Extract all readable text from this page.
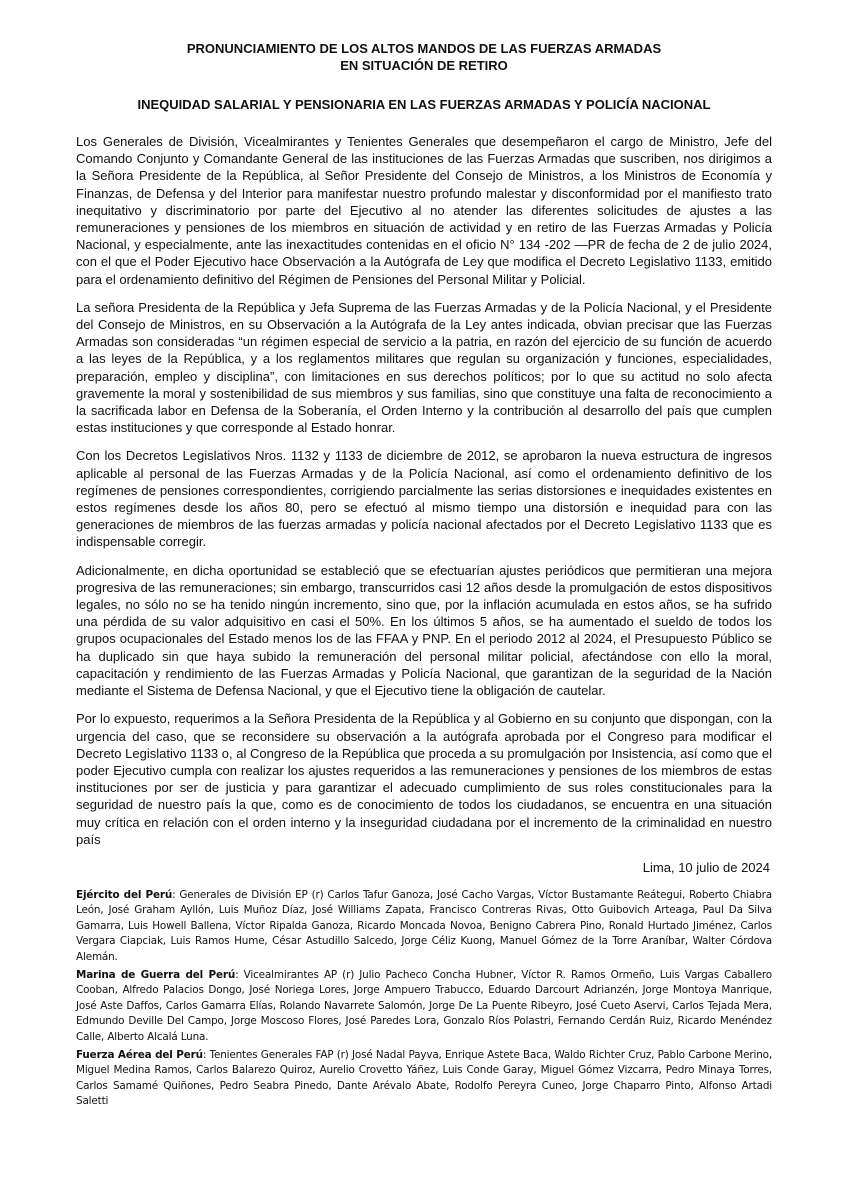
PRONUNCIAMIENTO DE LOS ALTOS MANDOS DE LAS FUERZAS ARMADAS
EN SITUACIÓN DE RETIRO

INEQUIDAD SALARIAL Y PENSIONARIA EN LAS FUERZAS ARMADAS Y POLICÍA NACIONAL

Los Generales de División, Vicealmirantes y Tenientes Generales que desempeñaron el cargo de Ministro, Jefe del Comando Conjunto y Comandante General de las instituciones de las Fuerzas Armadas que suscriben, nos dirigimos a la Señora Presidente de la República, al Señor Presidente del Consejo de Ministros, a los Ministros de Economía y Finanzas, de Defensa y del Interior para manifestar nuestro profundo malestar y disconformidad por el manifiesto trato inequitativo y discriminatorio por parte del Ejecutivo al no atender las diferentes solicitudes de ajustes a las remuneraciones y pensiones de los miembros en situación de actividad y en retiro de las Fuerzas Armadas y Policía Nacional, y especialmente, ante las inexactitudes contenidas en el oficio N° 134 -202 —PR de fecha de 2 de julio 2024, con el que el Poder Ejecutivo hace Observación a la Autógrafa de Ley que modifica el Decreto Legislativo 1133, emitido para el ordenamiento definitivo del Régimen de Pensiones del Personal Militar y Policial.

La señora Presidenta de la República y Jefa Suprema de las Fuerzas Armadas y de la Policía Nacional, y el Presidente del Consejo de Ministros, en su Observación a la Autógrafa de la Ley antes indicada, obvian precisar que las Fuerzas Armadas son consideradas “un régimen especial de servicio a la patria, en razón del ejercicio de su función de acuerdo a las leyes de la República, y a los reglamentos militares que regulan su organización y funciones, especialidades, preparación, empleo y disciplina”, con limitaciones en sus derechos políticos; por lo que su actitud no solo afecta gravemente la moral y sostenibilidad de sus miembros y sus familias, sino que constituye una falta de reconocimiento a la sacrificada labor en Defensa de la Soberanía, el Orden Interno y la contribución al desarrollo del país que cumplen estas instituciones y que corresponde al Estado honrar.

Con los Decretos Legislativos Nros. 1132 y 1133 de diciembre de 2012, se aprobaron la nueva estructura de ingresos aplicable al personal de las Fuerzas Armadas y de la Policía Nacional, así como el ordenamiento definitivo de los regímenes de pensiones correspondientes, corrigiendo parcialmente las serias distorsiones e inequidades existentes en estos regímenes desde los años 80, pero se efectuó al mismo tiempo una distorsión e inequidad para con las generaciones de miembros de las fuerzas armadas y policía nacional afectados por el Decreto Legislativo 1133 que es indispensable corregir.

Adicionalmente, en dicha oportunidad se estableció que se efectuarían ajustes periódicos que permitieran una mejora progresiva de las remuneraciones; sin embargo, transcurridos casi 12 años desde la promulgación de estos dispositivos legales, no sólo no se ha tenido ningún incremento, sino que, por la inflación acumulada en estos años, se ha sufrido una pérdida de su valor adquisitivo en casi el 50%. En los últimos 5 años, se ha aumentado el sueldo de todos los grupos ocupacionales del Estado menos los de las FFAA y PNP. En el periodo 2012 al 2024, el Presupuesto Público se ha duplicado sin que haya subido la remuneración del personal militar policial, afectándose con ello la moral, capacitación y rendimiento de las Fuerzas Armadas y Policía Nacional, que garantizan de la seguridad de la Nación mediante el Sistema de Defensa Nacional, y que el Ejecutivo tiene la obligación de cautelar.

Por lo expuesto, requerimos a la Señora Presidenta de la República y al Gobierno en su conjunto que dispongan, con la urgencia del caso, que se reconsidere su observación a la autógrafa aprobada por el Congreso para modificar el Decreto Legislativo 1133 o, al Congreso de la República que proceda a su promulgación por Insistencia, así como que el poder Ejecutivo cumpla con realizar los ajustes requeridos a las remuneraciones y pensiones de los miembros de estas instituciones por ser de justicia y para garantizar el adecuado cumplimiento de sus roles constitucionales para la seguridad de nuestro país la que, como es de conocimiento de todos los ciudadanos, se encuentra en una situación muy crítica en relación con el orden interno y la inseguridad ciudadana por el incremento de la criminalidad en nuestro país

Lima, 10 julio de 2024

Ejército del Perú: Generales de División EP (r) Carlos Tafur Ganoza, José Cacho Vargas, Víctor Bustamante Reátegui, Roberto Chiabra León, José Graham Ayllón, Luis Muñoz Díaz, José Williams Zapata, Francisco Contreras Rivas, Otto Guibovich Arteaga, Paul Da Silva Gamarra, Luis Howell Ballena, Víctor Ripalda Ganoza, Ricardo Moncada Novoa, Benigno Cabrera Pino, Ronald Hurtado Jiménez, Carlos Vergara Ciapciak, Luis Ramos Hume, César Astudillo Salcedo, Jorge Céliz Kuong, Manuel Gómez de la Torre Araníbar, Walter Córdova Alemán.

Marina de Guerra del Perú: Vicealmirantes AP (r) Julio Pacheco Concha Hubner, Víctor R. Ramos Ormeño, Luis Vargas Caballero Cooban, Alfredo Palacios Dongo, José Noriega Lores, Jorge Ampuero Trabucco, Eduardo Darcourt Adrianzén, Jorge Montoya Manrique, José Aste Daffos, Carlos Gamarra Elías, Rolando Navarrete Salomón, Jorge De La Puente Ribeyro, José Cueto Aservi, Carlos Tejada Mera, Edmundo Deville Del Campo, Jorge Moscoso Flores, José Paredes Lora, Gonzalo Ríos Polastri, Fernando Cerdán Ruiz, Ricardo Menéndez Calle, Alberto Alcalá Luna.

Fuerza Aérea del Perú: Tenientes Generales FAP (r) José Nadal Payva, Enrique Astete Baca, Waldo Richter Cruz, Pablo Carbone Merino, Miguel Medina Ramos, Carlos Balarezo Quiroz, Aurelio Crovetto Yáñez, Luis Conde Garay, Miguel Gómez Vizcarra, Pedro Minaya Torres, Carlos Samamé Quiñones, Pedro Seabra Pinedo, Dante Arévalo Abate, Rodolfo Pereyra Cuneo, Jorge Chaparro Pinto, Alfonso Artadi Saletti
